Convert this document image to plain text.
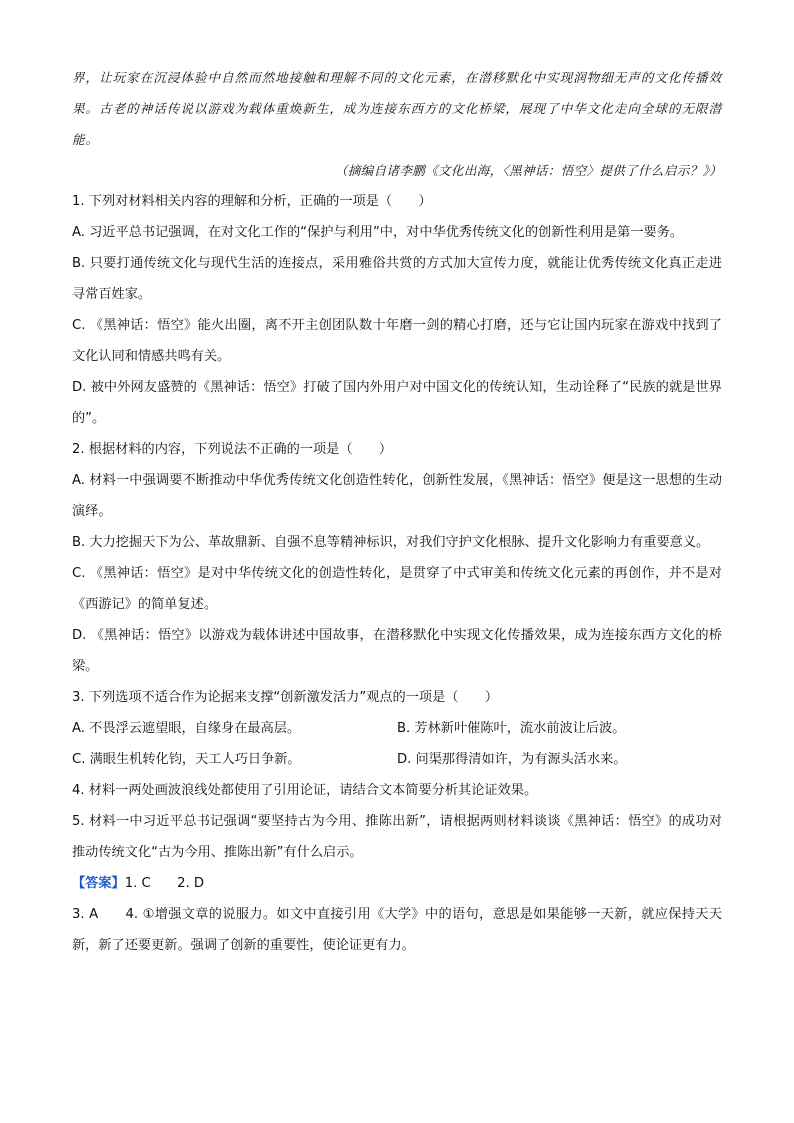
界，让玩家在沉浸体验中自然而然地接触和理解不同的文化元素，在潜移默化中实现润物细无声的文化传播效果。古老的神话传说以游戏为载体重焕新生，成为连接东西方的文化桥梁，展现了中华文化走向全球的无限潜能。
（摘编自诸李鹏《文化出海，〈黑神话：悟空〉提供了什么启示？》）
1. 下列对材料相关内容的理解和分析，正确的一项是（　　）
A. 习近平总书记强调，在对文化工作的“保护与利用”中，对中华优秀传统文化的创新性利用是第一要务。
B. 只要打通传统文化与现代生活的连接点，采用雅俗共赏的方式加大宣传力度，就能让优秀传统文化真正走进寻常百姓家。
C. 《黑神话：悟空》能火出圈，离不开主创团队数十年磨一剑的精心打磨，还与它让国内玩家在游戏中找到了文化认同和情感共鸣有关。
D. 被中外网友盛赞的《黑神话：悟空》打破了国内外用户对中国文化的传统认知，生动诠释了“民族的就是世界的”。
2. 根据材料的内容，下列说法不正确的一项是（　　）
A. 材料一中强调要不断推动中华优秀传统文化创造性转化，创新性发展，《黑神话：悟空》便是这一思想的生动演绎。
B. 大力挖掘天下为公、革故鼎新、自强不息等精神标识，对我们守护文化根脉、提升文化影响力有重要意义。
C. 《黑神话：悟空》是对中华传统文化的创造性转化，是贯穿了中式审美和传统文化元素的再创作，并不是对《西游记》的简单复述。
D. 《黑神话：悟空》以游戏为载体讲述中国故事，在潜移默化中实现文化传播效果，成为连接东西方文化的桥梁。
3. 下列选项不适合作为论据来支撑“创新激发活力”观点的一项是（　　）
A. 不畏浮云遮望眼，自缘身在最高层。	B. 芳林新叶催陈叶，流水前波让后波。
C. 满眼生机转化钧，天工人巧日争新。	D. 问渠那得清如许，为有源头活水来。
4. 材料一两处画波浪线处都使用了引用论证，请结合文本简要分析其论证效果。
5. 材料一中习近平总书记强调“要坚持古为今用、推陈出新”，请根据两则材料谈谈《黑神话：悟空》的成功对推动传统文化“古为今用、推陈出新”有什么启示。
【答案】1. C　　2. D
3. A　　4. ①增强文章的说服力。如文中直接引用《大学》中的语句，意思是如果能够一天新，就应保持天天新，新了还要更新。强调了创新的重要性，使论证更有力。
